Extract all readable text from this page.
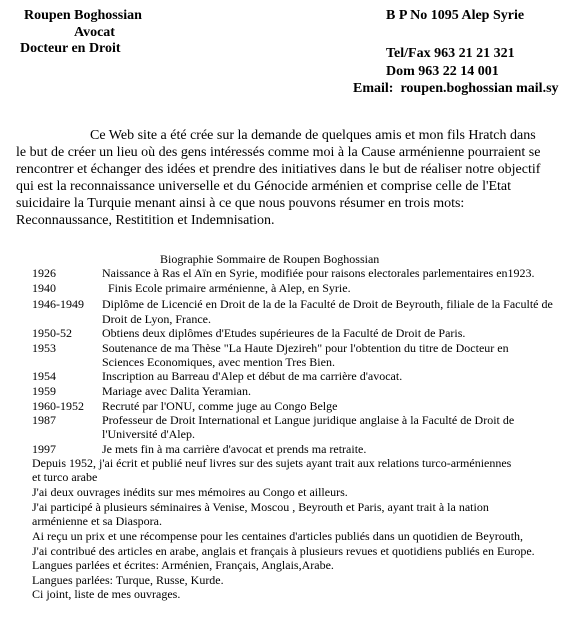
Roupen Boghossian
Avocat
Docteur en Droit
B P No 1095 Alep Syrie
Tel/Fax 963 21 21 321
Dom 963 22 14 001
Email: roupen.boghossian mail.sy
Ce Web site a été crée sur la demande de quelques amis et mon fils Hratch dans
le but de créer un lieu où des gens intéressés comme moi à la Cause arménienne pourraient se
rencontrer et échanger des idées et prendre des initiatives dans le but de réaliser notre objectif
qui est la reconnaissance universelle et du Génocide arménien et comprise celle de l'Etat
suicidaire la Turquie menant ainsi à ce que nous pouvons résumer en trois mots:
Reconnaussance, Restitition et Indemnisation.
Biographie Sommaire de Roupen Boghossian
1926	Naissance à Ras el Aïn en Syrie, modifiée pour raisons electorales parlementaires en1923.
1940	Finis Ecole primaire arménienne, à Alep, en Syrie.
1946-1949 Diplôme de Licencié en Droit de la de la Faculté de Droit de Beyrouth, filiale de la Faculté de
Droit de Lyon, France.
1950-52	Obtiens deux diplômes d'Etudes supérieures de la Faculté de Droit de Paris.
1953	Soutenance de ma Thèse "La Haute Djezireh" pour l'obtention du titre de Docteur en
Sciences Economiques, avec mention Tres Bien.
1954	Inscription au Barreau d'Alep et début de ma carrière d'avocat.
1959	Mariage avec Dalita Yeramian.
1960-1952 Recruté par l'ONU, comme juge au Congo Belge
1987	Professeur de Droit International et Langue juridique anglaise à la Faculté de Droit de
l'Université d'Alep.
1997	Je mets fin à ma carrière d'avocat et prends ma retraite.
Depuis 1952, j'ai écrit et publié neuf livres sur des sujets ayant trait aux relations turco-arméniennes
et turco arabe
J'ai deux ouvrages inédits sur mes mémoires au Congo et ailleurs.
J'ai participé à plusieurs séminaires à Venise, Moscou , Beyrouth et Paris, ayant trait à la nation
arménienne et sa Diaspora.
Ai reçu un prix et une récompense pour les centaines d'articles publiés dans un quotidien de Beyrouth,
J'ai contribué des articles en arabe, anglais et français à plusieurs revues et quotidiens publiés en Europe.
Langues parlées et écrites: Arménien, Français, Anglais,Arabe.
Langues parlées: Turque, Russe, Kurde.
Ci joint, liste de mes ouvrages.
